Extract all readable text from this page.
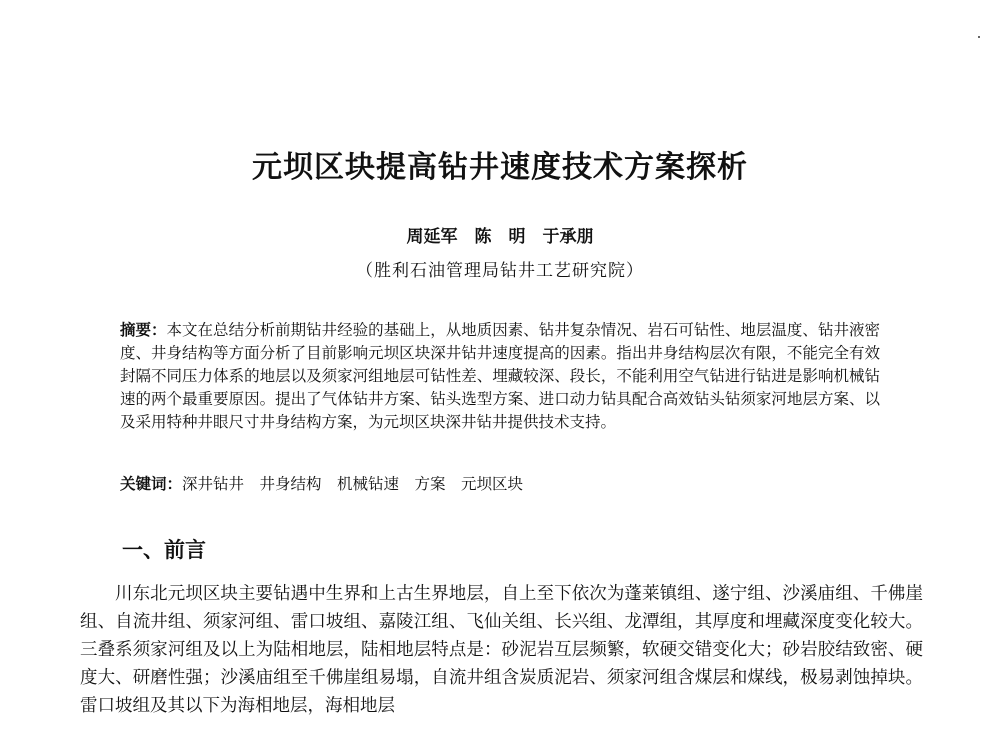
元坝区块提高钻井速度技术方案探析
周延军　陈　明　于承朋
（胜利石油管理局钻井工艺研究院）
摘要：本文在总结分析前期钻井经验的基础上，从地质因素、钻井复杂情况、岩石可钻性、地层温度、钻井液密度、井身结构等方面分析了目前影响元坝区块深井钻井速度提高的因素。指出井身结构层次有限，不能完全有效封隔不同压力体系的地层以及须家河组地层可钻性差、埋藏较深、段长，不能利用空气钻进行钻进是影响机械钻速的两个最重要原因。提出了气体钻井方案、钻头选型方案、进口动力钻具配合高效钻头钻须家河地层方案、以及采用特种井眼尺寸井身结构方案，为元坝区块深井钻井提供技术支持。
关键词：深井钻井　井身结构　机械钻速　方案　元坝区块
一、前言
川东北元坝区块主要钻遇中生界和上古生界地层，自上至下依次为蓬莱镇组、遂宁组、沙溪庙组、千佛崖组、自流井组、须家河组、雷口坡组、嘉陵江组、飞仙关组、长兴组、龙潭组，其厚度和埋藏深度变化较大。三叠系须家河组及以上为陆相地层，陆相地层特点是：砂泥岩互层频繁，软硬交错变化大；砂岩胶结致密、硬度大、研磨性强；沙溪庙组至千佛崖组易塌，自流井组含炭质泥岩、须家河组含煤层和煤线，极易剥蚀掉块。雷口坡组及其以下为海相地层，海相地层
